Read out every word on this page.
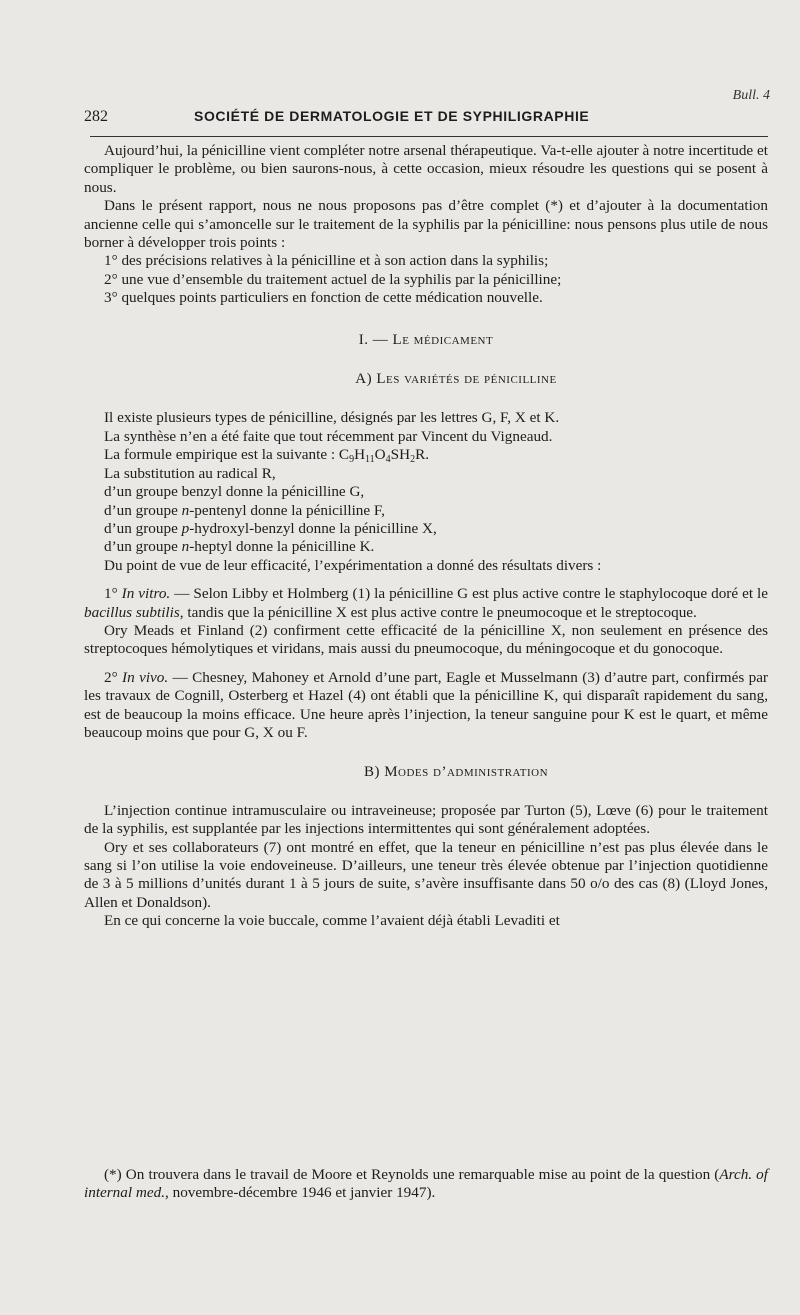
Bull. 4
282	SOCIÉTÉ DE DERMATOLOGIE ET DE SYPHILIGRAPHIE

Aujourd’hui, la pénicilline vient compléter notre arsenal thérapeutique. Va-t-elle ajouter à notre incertitude et compliquer le problème, ou bien saurons-nous, à cette occasion, mieux résoudre les questions qui se posent à nous.

Dans le présent rapport, nous ne nous proposons pas d’être complet (*) et d’ajouter à la documentation ancienne celle qui s’amoncelle sur le traitement de la syphilis par la pénicilline: nous pensons plus utile de nous borner à développer trois points :

1° des précisions relatives à la pénicilline et à son action dans la syphilis;

2° une vue d’ensemble du traitement actuel de la syphilis par la pénicilline;

3° quelques points particuliers en fonction de cette médication nouvelle.

I. — Le médicament
A) Les variétés de pénicilline

Il existe plusieurs types de pénicilline, désignés par les lettres G, F, X et K.

La synthèse n’en a été faite que tout récemment par Vincent du Vigneaud.

La formule empirique est la suivante : $C_9H_{11}O_4SH_2R$.

La substitution au radical R,

d’un groupe benzyl donne la pénicilline G,

d’un groupe n-pentenyl donne la pénicilline F,

d’un groupe p-hydroxyl-benzyl donne la pénicilline X,

d’un groupe n-heptyl donne la pénicilline K.

Du point de vue de leur efficacité, l’expérimentation a donné des résultats divers :

1° In vitro. — Selon Libby et Holmberg (1) la pénicilline G est plus active contre le staphylocoque doré et le bacillus subtilis, tandis que la pénicilline X est plus active contre le pneumocoque et le streptocoque.

Ory Meads et Finland (2) confirment cette efficacité de la pénicilline X, non seulement en présence des streptocoques hémolytiques et viridans, mais aussi du pneumocoque, du méningocoque et du gonocoque.

2° In vivo. — Chesney, Mahoney et Arnold d’une part, Eagle et Musselmann (3) d’autre part, confirmés par les travaux de Cognill, Osterberg et Hazel (4) ont établi que la pénicilline K, qui disparaît rapidement du sang, est de beaucoup la moins efficace. Une heure après l’injection, la teneur sanguine pour K est le quart, et même beaucoup moins que pour G, X ou F.

B) Modes d’administration

L’injection continue intramusculaire ou intraveineuse; proposée par Turton (5), Lœve (6) pour le traitement de la syphilis, est supplantée par les injections intermittentes qui sont généralement adoptées.

Ory et ses collaborateurs (7) ont montré en effet, que la teneur en pénicilline n’est pas plus élevée dans le sang si l’on utilise la voie endoveineuse. D’ailleurs, une teneur très élevée obtenue par l’injection quotidienne de 3 à 5 millions d’unités durant 1 à 5 jours de suite, s’avère insuffisante dans 50 o/o des cas (8) (Lloyd Jones, Allen et Donaldson).

En ce qui concerne la voie buccale, comme l’avaient déjà établi Levaditi et

(*) On trouvera dans le travail de Moore et Reynolds une remarquable mise au point de la question (Arch. of internal med., novembre-décembre 1946 et janvier 1947).
